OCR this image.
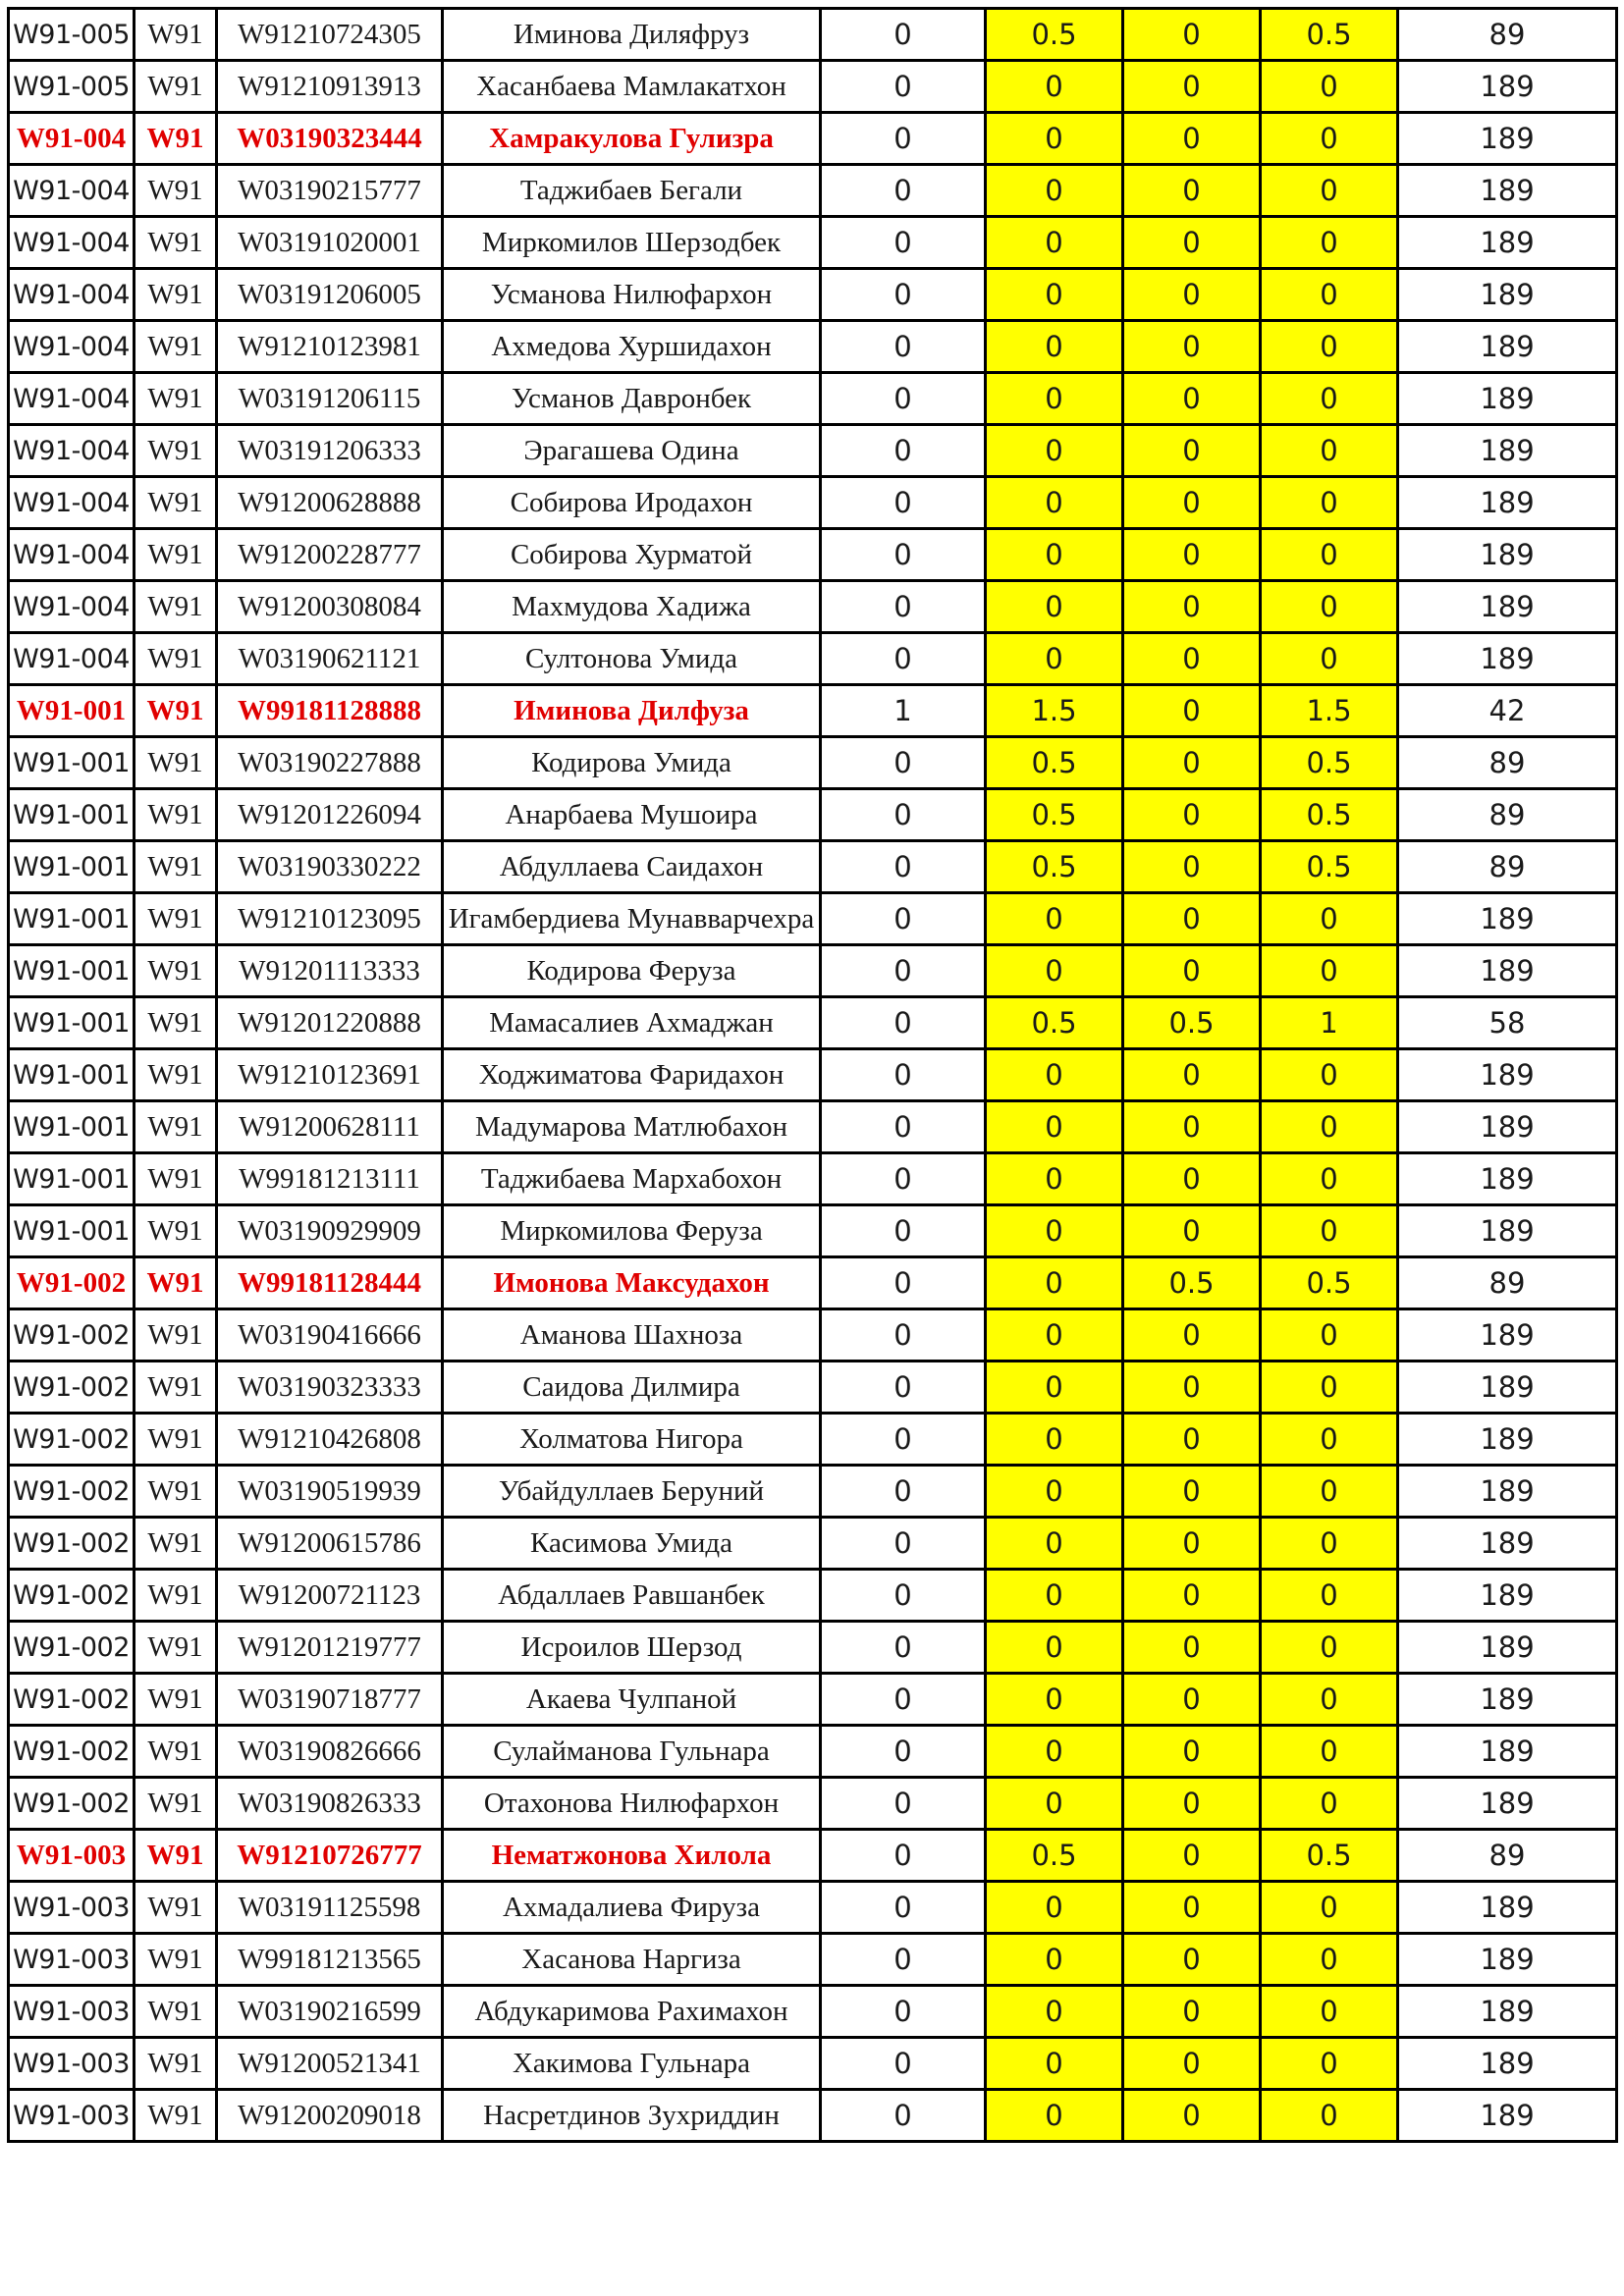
W91-005	W91	W91210724305	Иминова Диляфруз	0	0.5	0	0.5	89
W91-005	W91	W91210913913	Хасанбаева Мамлакатхон	0	0	0	0	189
W91-004	W91	W03190323444	Хамракулова Гулизра	0	0	0	0	189
W91-004	W91	W03190215777	Таджибаев Бегали	0	0	0	0	189
W91-004	W91	W03191020001	Миркомилов Шерзодбек	0	0	0	0	189
W91-004	W91	W03191206005	Усманова Нилюфархон	0	0	0	0	189
W91-004	W91	W91210123981	Ахмедова Хуршидахон	0	0	0	0	189
W91-004	W91	W03191206115	Усманов Давронбек	0	0	0	0	189
W91-004	W91	W03191206333	Эрагашева Одина	0	0	0	0	189
W91-004	W91	W91200628888	Собирова Иродахон	0	0	0	0	189
W91-004	W91	W91200228777	Собирова Хурматой	0	0	0	0	189
W91-004	W91	W91200308084	Махмудова Хадижа	0	0	0	0	189
W91-004	W91	W03190621121	Султонова Умида	0	0	0	0	189
W91-001	W91	W99181128888	Иминова Дилфуза	1	1.5	0	1.5	42
W91-001	W91	W03190227888	Кодирова Умида	0	0.5	0	0.5	89
W91-001	W91	W91201226094	Анарбаева Мушоира	0	0.5	0	0.5	89
W91-001	W91	W03190330222	Абдуллаева Саидахон	0	0.5	0	0.5	89
W91-001	W91	W91210123095	Игамбердиева Мунавварчехра	0	0	0	0	189
W91-001	W91	W91201113333	Кодирова Феруза	0	0	0	0	189
W91-001	W91	W91201220888	Мамасалиев Ахмаджан	0	0.5	0.5	1	58
W91-001	W91	W91210123691	Ходжиматова Фаридахон	0	0	0	0	189
W91-001	W91	W91200628111	Мадумарова Матлюбахон	0	0	0	0	189
W91-001	W91	W99181213111	Таджибаева Мархабохон	0	0	0	0	189
W91-001	W91	W03190929909	Миркомилова Феруза	0	0	0	0	189
W91-002	W91	W99181128444	Имонова Максудахон	0	0	0.5	0.5	89
W91-002	W91	W03190416666	Аманова Шахноза	0	0	0	0	189
W91-002	W91	W03190323333	Саидова Дилмира	0	0	0	0	189
W91-002	W91	W91210426808	Холматова Нигора	0	0	0	0	189
W91-002	W91	W03190519939	Убайдуллаев Беруний	0	0	0	0	189
W91-002	W91	W91200615786	Касимова Умида	0	0	0	0	189
W91-002	W91	W91200721123	Абдаллаев Равшанбек	0	0	0	0	189
W91-002	W91	W91201219777	Исроилов Шерзод	0	0	0	0	189
W91-002	W91	W03190718777	Акаева Чулпаной	0	0	0	0	189
W91-002	W91	W03190826666	Сулайманова Гульнара	0	0	0	0	189
W91-002	W91	W03190826333	Отахонова Нилюфархон	0	0	0	0	189
W91-003	W91	W91210726777	Нематжонова Хилола	0	0.5	0	0.5	89
W91-003	W91	W03191125598	Ахмадалиева Фируза	0	0	0	0	189
W91-003	W91	W99181213565	Хасанова Наргиза	0	0	0	0	189
W91-003	W91	W03190216599	Абдукаримова Рахимахон	0	0	0	0	189
W91-003	W91	W91200521341	Хакимова Гульнара	0	0	0	0	189
W91-003	W91	W91200209018	Насретдинов Зухриддин	0	0	0	0	189
